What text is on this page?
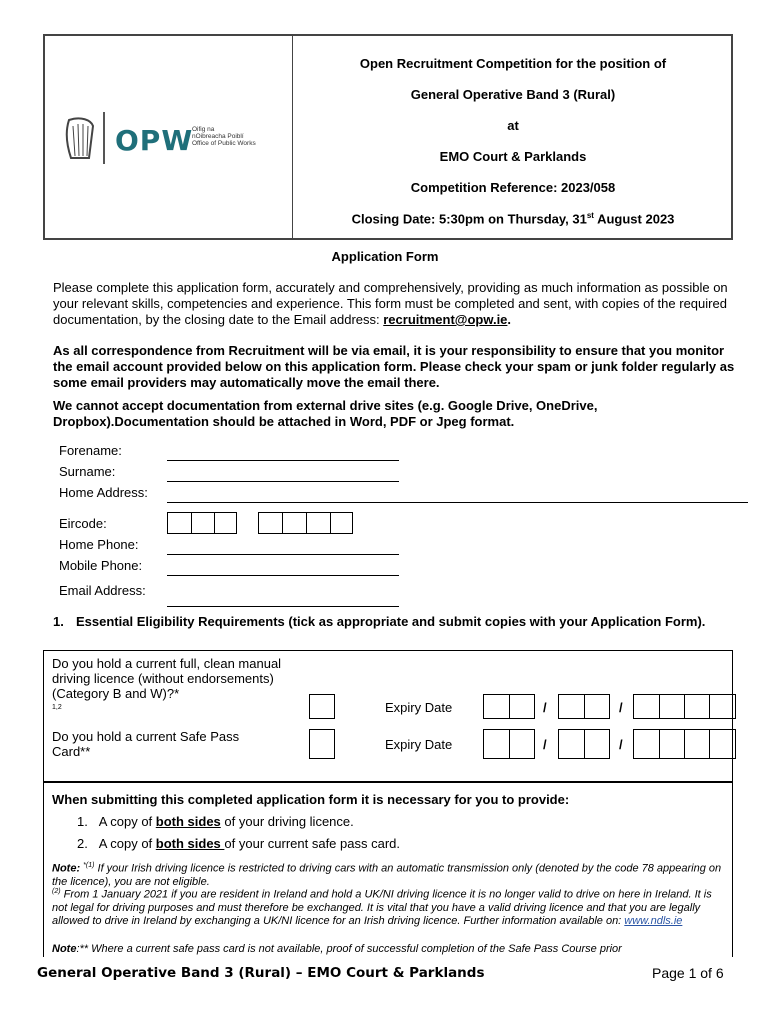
OPW
Oifig na
nOibreacha Poiblí
Office of Public Works
Open Recruitment Competition for the position of
General Operative Band 3 (Rural)
at
EMO Court & Parklands
Competition Reference: 2023/058
Closing Date: 5:30pm on Thursday, 31st August 2023
Application Form
Please complete this application form, accurately and comprehensively, providing as much information as possible on your relevant skills, competencies and experience. This form must be completed and sent, with copies of the required documentation, by the closing date to the Email address: recruitment@opw.ie.
As all correspondence from Recruitment will be via email, it is your responsibility to ensure that you monitor the email account provided below on this application form. Please check your spam or junk folder regularly as some email providers may automatically move the email there.
We cannot accept documentation from external drive sites (e.g. Google Drive, OneDrive, Dropbox).Documentation should be attached in Word, PDF or Jpeg format.
Forename:
Surname:
Home Address:
Eircode:
Home Phone:
Mobile Phone:
Email Address:
1. Essential Eligibility Requirements (tick as appropriate and submit copies with your Application Form).
Do you hold a current full, clean manual driving licence (without endorsements) (Category B and W)?*
$^{1,2}$	Expiry Date	/	/
Do you hold a current Safe Pass Card**	Expiry Date	/	/
When submitting this completed application form it is necessary for you to provide:
1. A copy of both sides of your driving licence.
2. A copy of both sides of your current safe pass card.
Note: $^{*(1)}$ If your Irish driving licence is restricted to driving cars with an automatic transmission only (denoted by the code 78 appearing on the licence), you are not eligible.
$^{(2)}$ From 1 January 2021 if you are resident in Ireland and hold a UK/NI driving licence it is no longer valid to drive on here in Ireland. It is not legal for driving purposes and must therefore be exchanged. It is vital that you have a valid driving licence and that you are legally allowed to drive in Ireland by exchanging a UK/NI licence for an Irish driving licence. Further information available on: www.ndls.ie
Note:** Where a current safe pass card is not available, proof of successful completion of the Safe Pass Course prior
General Operative Band 3 (Rural) – EMO Court & Parklands	Page 1 of 6
